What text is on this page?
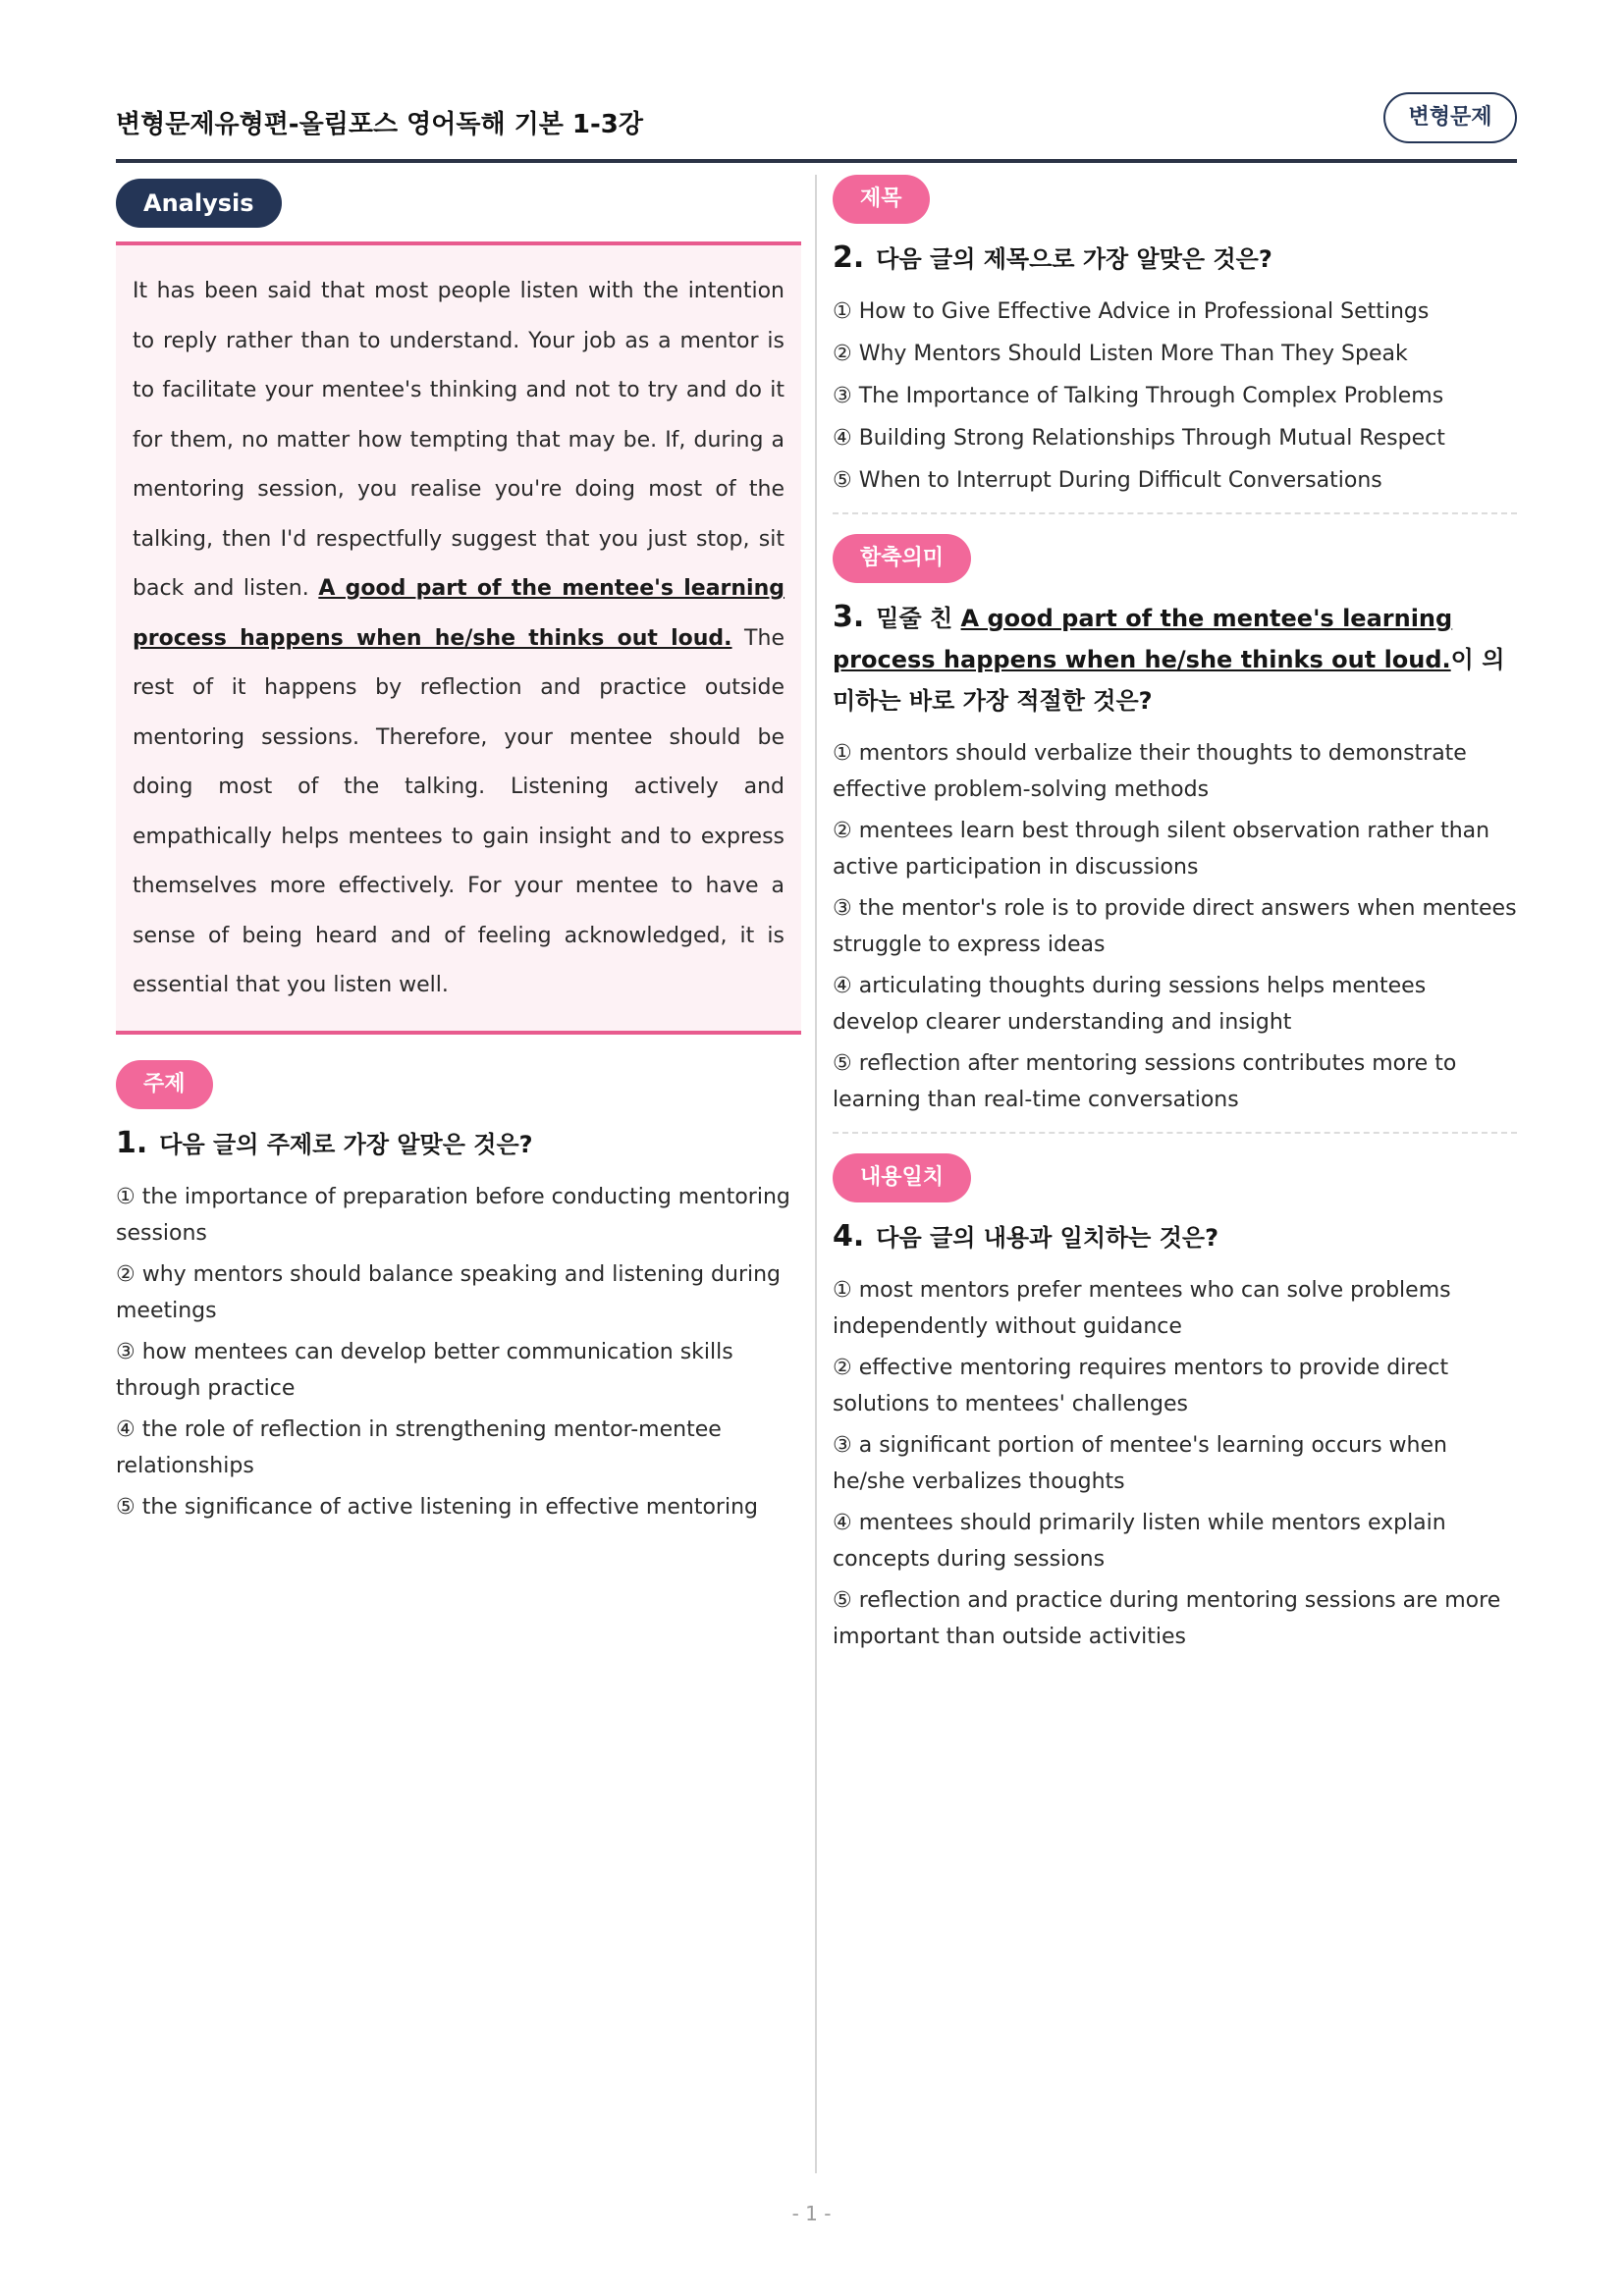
변형문제유형편-올림포스 영어독해 기본 1-3강	변형문제
Analysis

It has been said that most people listen with the intention to reply rather than to understand. Your job as a mentor is to facilitate your mentee's thinking and not to try and do it for them, no matter how tempting that may be. If, during a mentoring session, you realise you're doing most of the talking, then I'd respectfully suggest that you just stop, sit back and listen. A good part of the mentee's learning process happens when he/she thinks out loud. The rest of it happens by reflection and practice outside mentoring sessions. Therefore, your mentee should be doing most of the talking. Listening actively and empathically helps mentees to gain insight and to express themselves more effectively. For your mentee to have a sense of being heard and of feeling acknowledged, it is essential that you listen well.

주제
1. 다음 글의 주제로 가장 알맞은 것은?
① the importance of preparation before conducting mentoring sessions
② why mentors should balance speaking and listening during meetings
③ how mentees can develop better communication skills through practice
④ the role of reflection in strengthening mentor-mentee relationships
⑤ the significance of active listening in effective mentoring
제목
2. 다음 글의 제목으로 가장 알맞은 것은?
① How to Give Effective Advice in Professional Settings
② Why Mentors Should Listen More Than They Speak
③ The Importance of Talking Through Complex Problems
④ Building Strong Relationships Through Mutual Respect
⑤ When to Interrupt During Difficult Conversations
함축의미
3. 밑줄 친 A good part of the mentee's learning process happens when he/she thinks out loud.이 의미하는 바로 가장 적절한 것은?
① mentors should verbalize their thoughts to demonstrate effective problem-solving methods
② mentees learn best through silent observation rather than active participation in discussions
③ the mentor's role is to provide direct answers when mentees struggle to express ideas
④ articulating thoughts during sessions helps mentees develop clearer understanding and insight
⑤ reflection after mentoring sessions contributes more to learning than real-time conversations
내용일치
4. 다음 글의 내용과 일치하는 것은?
① most mentors prefer mentees who can solve problems independently without guidance
② effective mentoring requires mentors to provide direct solutions to mentees' challenges
③ a significant portion of mentee's learning occurs when he/she verbalizes thoughts
④ mentees should primarily listen while mentors explain concepts during sessions
⑤ reflection and practice during mentoring sessions are more important than outside activities
- 1 -
